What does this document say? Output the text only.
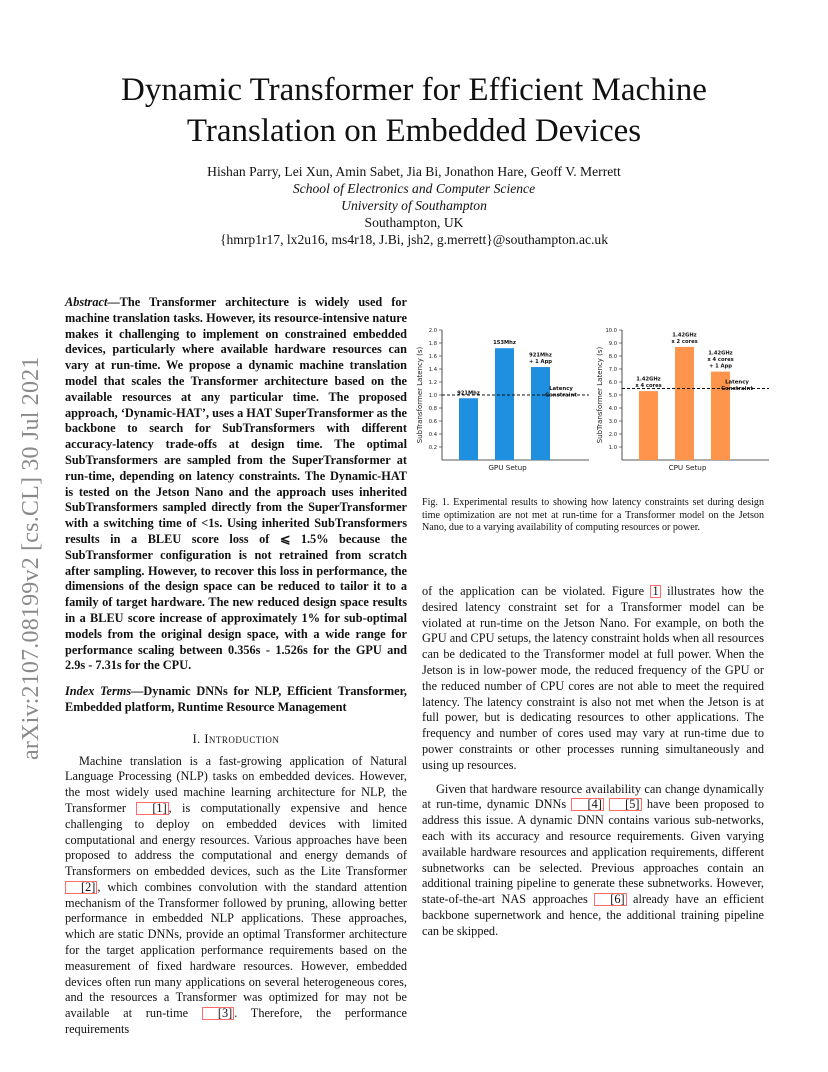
Dynamic Transformer for Efficient Machine
Translation on Embedded Devices
Hishan Parry, Lei Xun, Amin Sabet, Jia Bi, Jonathon Hare, Geoff V. Merrett
School of Electronics and Computer Science
University of Southampton
Southampton, UK
{hmrp1r17, lx2u16, ms4r18, J.Bi, jsh2, g.merrett}@southampton.ac.uk
arXiv:2107.08199v2 [cs.CL] 30 Jul 2021

Abstract—The Transformer architecture is widely used for machine translation tasks. However, its resource-intensive nature makes it challenging to implement on constrained embedded devices, particularly where available hardware resources can vary at run-time. We propose a dynamic machine translation model that scales the Transformer architecture based on the available resources at any particular time. The proposed approach, ‘Dynamic-HAT’, uses a HAT SuperTransformer as the backbone to search for SubTransformers with different accuracy-latency trade-offs at design time. The optimal SubTransformers are sampled from the SuperTransformer at run-time, depending on latency constraints. The Dynamic-HAT is tested on the Jetson Nano and the approach uses inherited SubTransformers sampled directly from the SuperTransformer with a switching time of <1s. Using inherited SubTransformers results in a BLEU score loss of ⩽ 1.5% because the SubTransformer configuration is not retrained from scratch after sampling. However, to recover this loss in performance, the dimensions of the design space can be reduced to tailor it to a family of target hardware. The new reduced design space results in a BLEU score increase of approximately 1% for sub-optimal models from the original design space, with a wide range for performance scaling between 0.356s - 1.526s for the GPU and 2.9s - 7.31s for the CPU.

Index Terms—Dynamic DNNs for NLP, Efficient Transformer, Embedded platform, Runtime Resource Management

I. Introduction

Machine translation is a fast-growing application of Natural Language Processing (NLP) tasks on embedded devices. However, the most widely used machine learning architecture for NLP, the Transformer [1] , is computationally expensive and hence challenging to deploy on embedded devices with limited computational and energy resources. Various approaches have been proposed to address the computational and energy demands of Transformers on embedded devices, such as the Lite Transformer [2] , which combines convolution with the standard attention mechanism of the Transformer followed by pruning, allowing better performance in embedded NLP applications. These approaches, which are static DNNs, provide an optimal Transformer architecture for the target application performance requirements based on the measurement of fixed hardware resources. However, embedded devices often run many applications on several heterogeneous cores, and the resources a Transformer was optimized for may not be available at run-time [3] . Therefore, the performance requirements

0.2
0.4
0.6
0.8
1.0
1.2
1.4
1.6
1.8
2.0
SubTransformer Latency (s)
GPU Setup
921Mhz
153Mhz
921Mhz + 1 App
Latency Constraint
1.0
2.0
3.0
4.0
5.0
6.0
7.0
8.0
9.0
10.0
SubTransformer Latency (s)
CPU Setup
1.42GHz x 4 cores
1.42GHz x 2 cores
1.42GHz x 4 cores + 1 App
Latency Constraint
Fig. 1. Experimental results to showing how latency constraints set during design time optimization are not met at run-time for a Transformer model on the Jetson Nano, due to a varying availability of computing resources or power.

of the application can be violated. Figure 1 illustrates how the desired latency constraint set for a Transformer model can be violated at run-time on the Jetson Nano. For example, on both the GPU and CPU setups, the latency constraint holds when all resources can be dedicated to the Transformer model at full power. When the Jetson is in low-power mode, the reduced frequency of the GPU or the reduced number of CPU cores are not able to meet the required latency. The latency constraint is also not met when the Jetson is at full power, but is dedicating resources to other applications. The frequency and number of cores used may vary at run-time due to power constraints or other processes running simultaneously and using up resources.

Given that hardware resource availability can change dynamically at run-time, dynamic DNNs [4] [5] have been proposed to address this issue. A dynamic DNN contains various sub-networks, each with its accuracy and resource requirements. Given varying available hardware resources and application requirements, different subnetworks can be selected. Previous approaches contain an additional training pipeline to generate these subnetworks. However, state-of-the-art NAS approaches [6] already have an efficient backbone supernetwork and hence, the additional training pipeline can be skipped.
